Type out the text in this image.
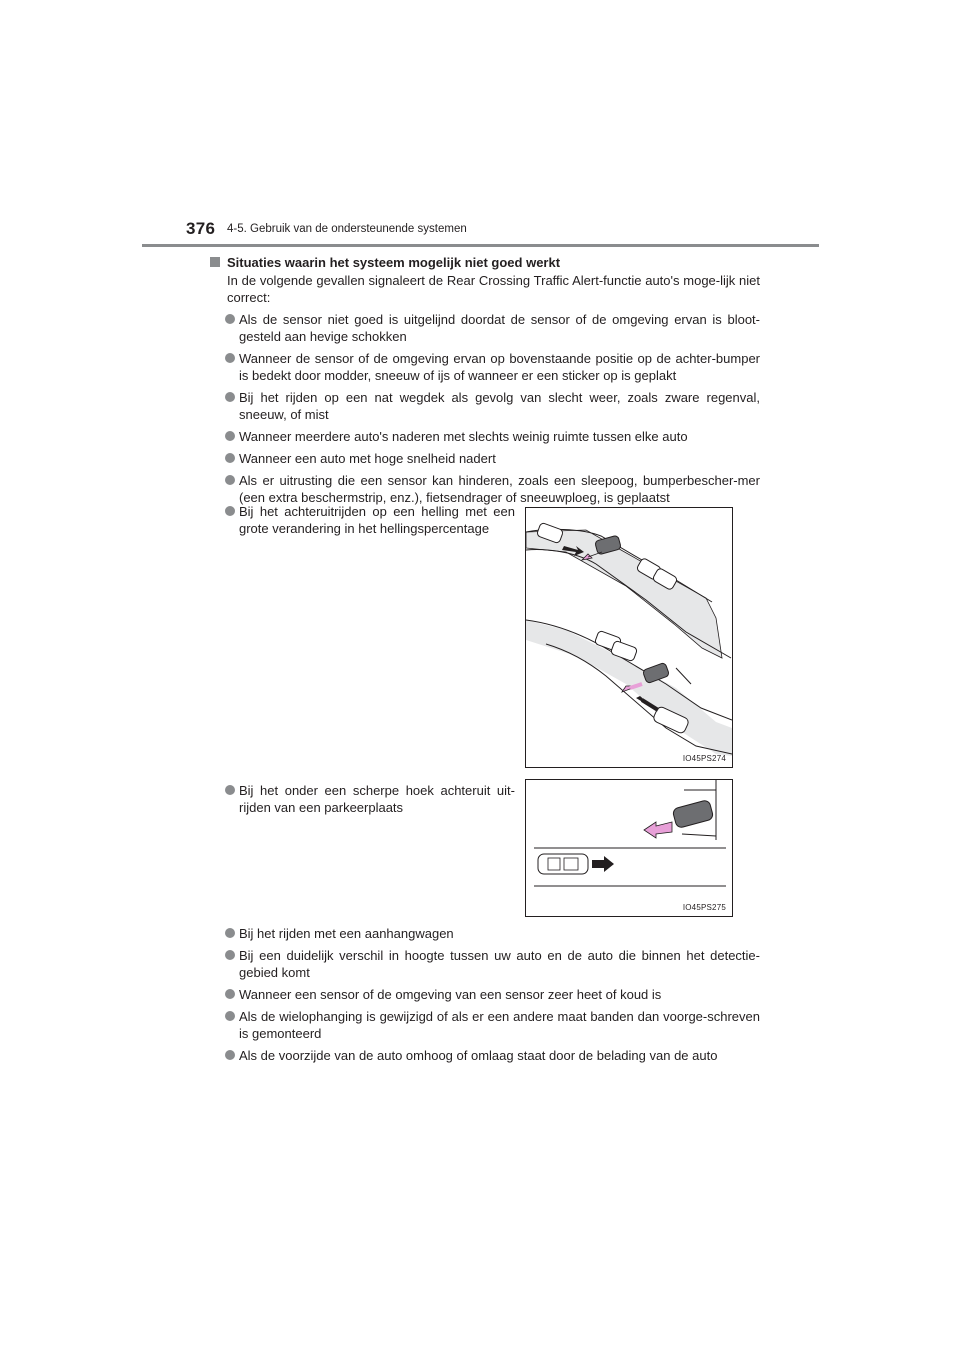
376 4-5. Gebruik van de ondersteunende systemen
Situaties waarin het systeem mogelijk niet goed werkt
In de volgende gevallen signaleert de Rear Crossing Traffic Alert-functie auto's moge-lijk niet correct:
Als de sensor niet goed is uitgelijnd doordat de sensor of de omgeving ervan is bloot-gesteld aan hevige schokken
Wanneer de sensor of de omgeving ervan op bovenstaande positie op de achter-bumper is bedekt door modder, sneeuw of ijs of wanneer er een sticker op is geplakt
Bij het rijden op een nat wegdek als gevolg van slecht weer, zoals zware regenval, sneeuw, of mist
Wanneer meerdere auto's naderen met slechts weinig ruimte tussen elke auto
Wanneer een auto met hoge snelheid nadert
Als er uitrusting die een sensor kan hinderen, zoals een sleepoog, bumperbescher-mer (een extra beschermstrip, enz.), fietsendrager of sneeuwploeg, is geplaatst
Bij het achteruitrijden op een helling met een grote verandering in het hellingspercentage
IO45PS274
Bij het onder een scherpe hoek achteruit uit-rijden van een parkeerplaats
IO45PS275
Bij het rijden met een aanhangwagen
Bij een duidelijk verschil in hoogte tussen uw auto en de auto die binnen het detectie-gebied komt
Wanneer een sensor of de omgeving van een sensor zeer heet of koud is
Als de wielophanging is gewijzigd of als er een andere maat banden dan voorge-schreven is gemonteerd
Als de voorzijde van de auto omhoog of omlaag staat door de belading van de auto
